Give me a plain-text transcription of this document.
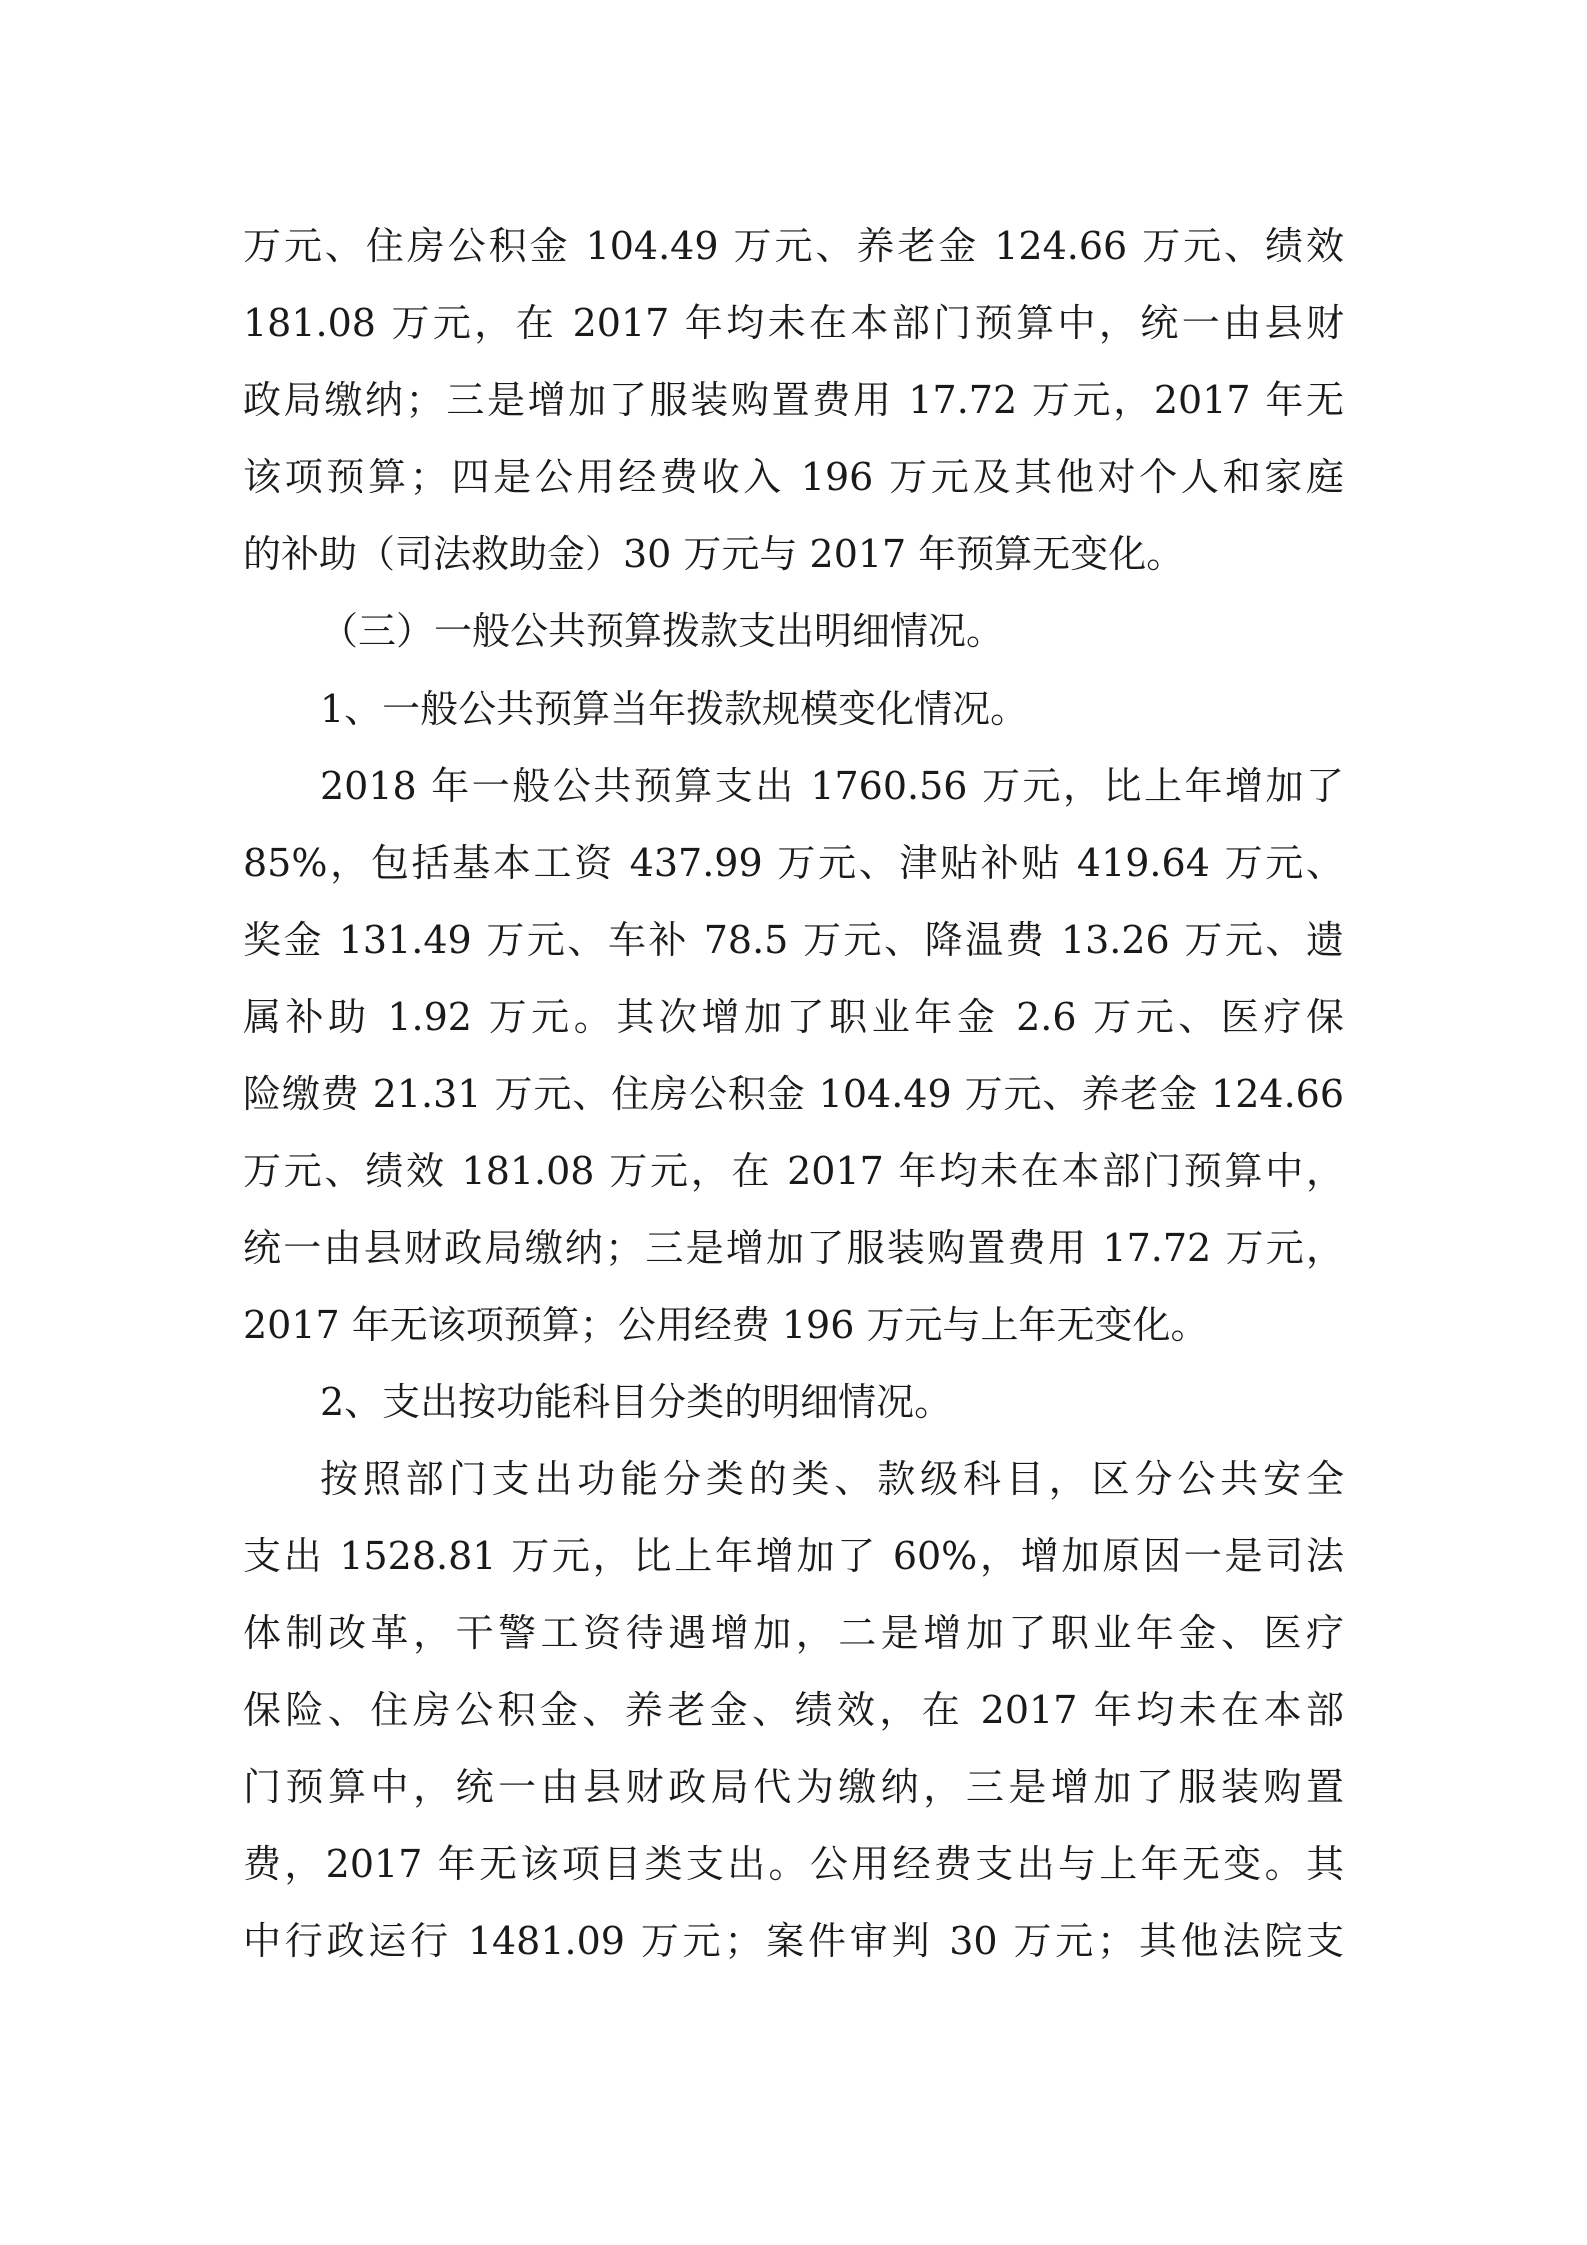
万元、住房公积金 104.49 万元、养老金 124.66 万元、绩效
181.08 万元，在 2017 年均未在本部门预算中，统一由县财
政局缴纳；三是增加了服装购置费用 17.72 万元，2017 年无
该项预算；四是公用经费收入 196 万元及其他对个人和家庭
的补助（司法救助金）30 万元与 2017 年预算无变化。
（三）一般公共预算拨款支出明细情况。
1、一般公共预算当年拨款规模变化情况。
2018 年一般公共预算支出 1760.56 万元，比上年增加了
85%，包括基本工资 437.99 万元、津贴补贴 419.64 万元、
奖金 131.49 万元、车补 78.5 万元、降温费 13.26 万元、遗
属补助 1.92 万元。其次增加了职业年金 2.6 万元、医疗保
险缴费 21.31 万元、住房公积金 104.49 万元、养老金 124.66
万元、绩效 181.08 万元，在 2017 年均未在本部门预算中，
统一由县财政局缴纳；三是增加了服装购置费用 17.72 万元，
2017 年无该项预算；公用经费 196 万元与上年无变化。
2、支出按功能科目分类的明细情况。
按照部门支出功能分类的类、款级科目，区分公共安全
支出 1528.81 万元，比上年增加了 60%，增加原因一是司法
体制改革，干警工资待遇增加，二是增加了职业年金、医疗
保险、住房公积金、养老金、绩效，在 2017 年均未在本部
门预算中，统一由县财政局代为缴纳，三是增加了服装购置
费，2017 年无该项目类支出。公用经费支出与上年无变。其
中行政运行 1481.09 万元；案件审判 30 万元；其他法院支
